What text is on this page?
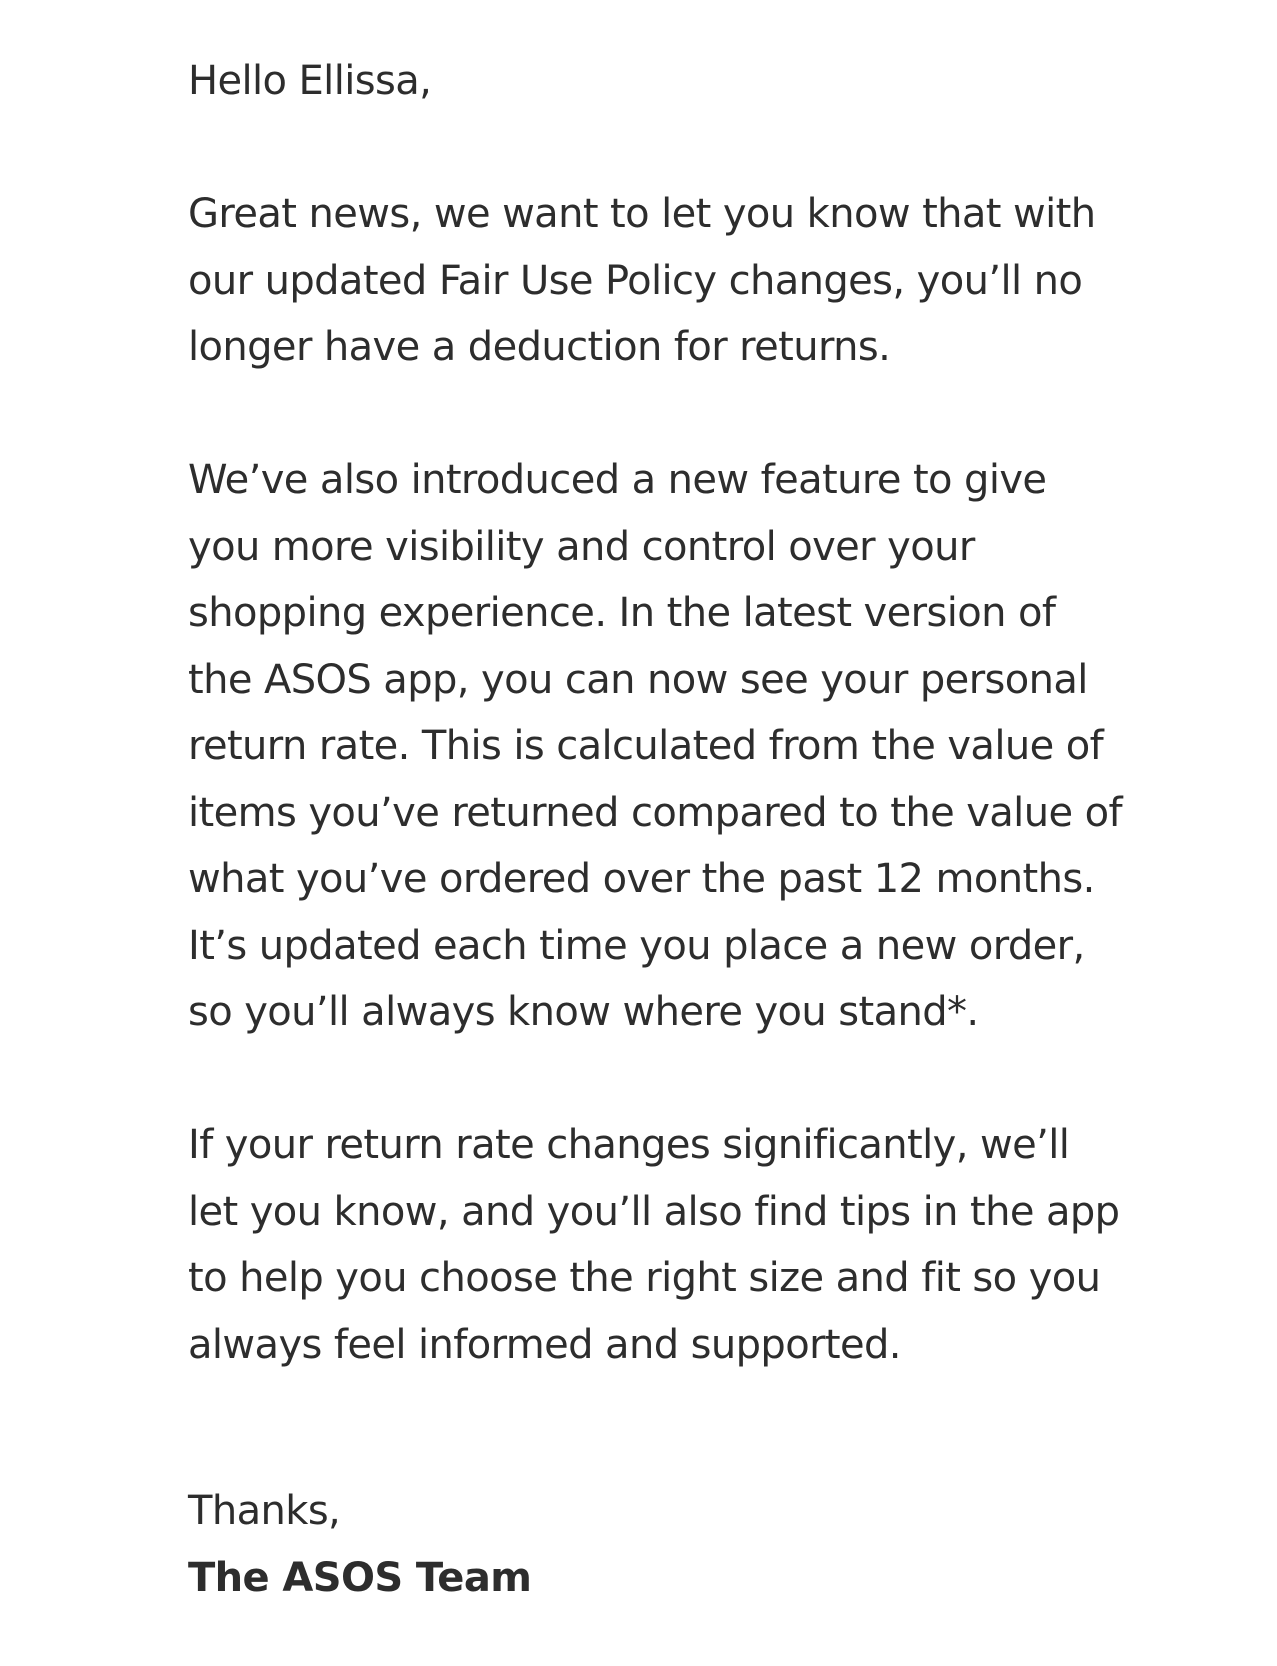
Hello Ellissa,

Great news, we want to let you know that with our updated Fair Use Policy changes, you’ll no longer have a deduction for returns.

We’ve also introduced a new feature to give you more visibility and control over your shopping experience. In the latest version of the ASOS app, you can now see your personal return rate. This is calculated from the value of items you’ve returned compared to the value of what you’ve ordered over the past 12 months. It’s updated each time you place a new order, so you’ll always know where you stand*.

If your return rate changes significantly, we’ll let you know, and you’ll also find tips in the app to help you choose the right size and fit so you always feel informed and supported.

Thanks,
The ASOS Team
